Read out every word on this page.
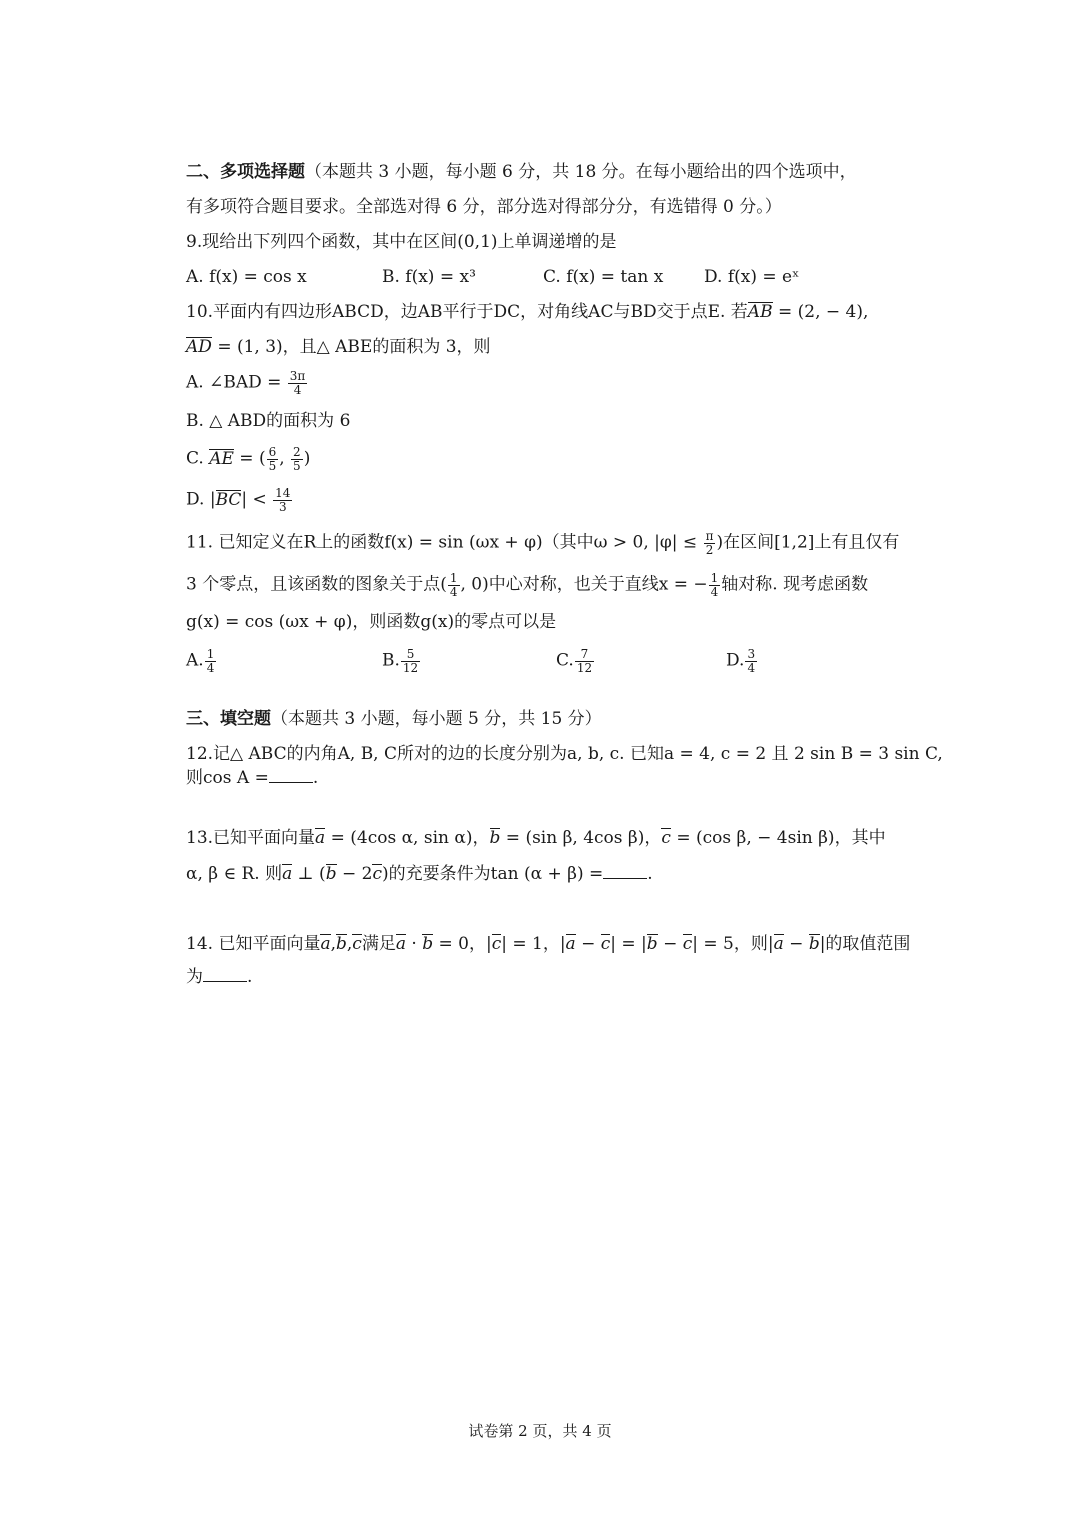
二、多项选择题（本题共 3 小题，每小题 6 分，共 18 分。在每小题给出的四个选项中，
有多项符合题目要求。全部选对得 6 分，部分选对得部分分，有选错得 0 分。）
9.现给出下列四个函数，其中在区间(0,1)上单调递增的是
A. f(x) = cos x	B. f(x) = x³	C. f(x) = tan x D. f(x) = eˣ
10.平面内有四边形ABCD，边AB平行于DC，对角线AC与BD交于点E. 若AB = (2, − 4),
AD = (1, 3)，且△ ABE的面积为 3，则
A. ∠BAD = $\frac{3\pi}{4}$
B. △ ABD的面积为 6
C. AE = ( $\frac{6}{5}$ , $\frac{2}{5}$ )
D. $|BC| < \frac{14}{3}$
11. 已知定义在R上的函数f(x) = sin (ωx + φ)（其中ω > 0, $|\varphi| \le \frac{\pi}{2}$ )在区间[1,2]上有且仅有
3 个零点，且该函数的图象关于点( $\frac{1}{4}$ , 0)中心对称，也关于直线x = − $\frac{1}{4}$ 轴对称. 现考虑函数
g(x) = cos (ωx + φ)，则函数g(x)的零点可以是
A. $\frac{1}{4}$	B. $\frac{5}{12}$	C. $\frac{7}{12}$	D. $\frac{3}{4}$
三、填空题（本题共 3 小题，每小题 5 分，共 15 分）
12.记△ ABC的内角A, B, C所对的边的长度分别为a, b, c. 已知a = 4, c = 2 且 2 sin B = 3 sin C,
则cos A =	.
13.已知平面向量a = (4cos α, sin α)，b = (sin β, 4cos β)，c = (cos β, − 4sin β)，其中
α, β ∈ R. 则a ⊥ (b − 2c)的充要条件为tan (α + β) =	.
14. 已知平面向量a,b,c满足a · b = 0，|c| = 1，|a − c| = |b − c| = 5，则|a − b|的取值范围
为	.
试卷第 2 页，共 4 页
